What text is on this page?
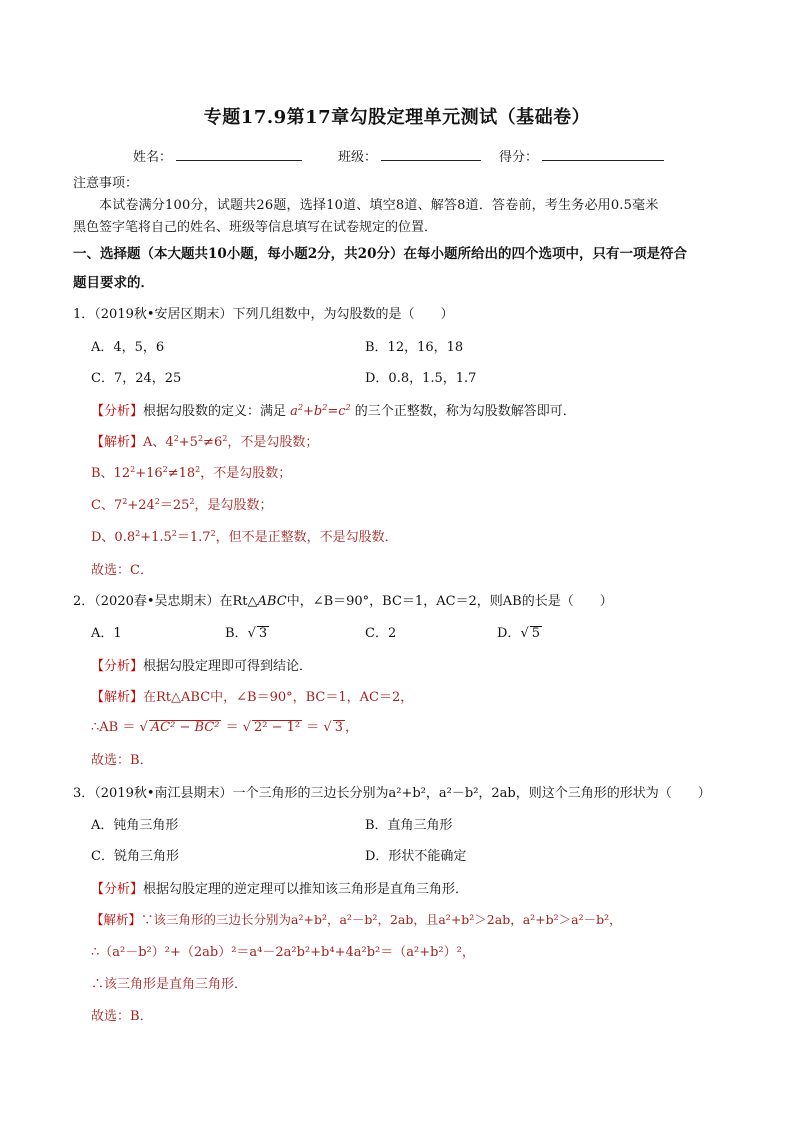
专题17.9第17章勾股定理单元测试（基础卷）
姓名：	班级：	得分：
注意事项：
本试卷满分100分，试题共26题，选择10道、填空8道、解答8道．答卷前，考生务必用0.5毫米
黑色签字笔将自己的姓名、班级等信息填写在试卷规定的位置．
一、选择题（本大题共10小题，每小题2分，共20分）在每小题所给出的四个选项中，只有一项是符合
题目要求的．
1．（2019秋•安居区期末）下列几组数中，为勾股数的是（　　）
A．4，5，6	B．12，16，18
C．7，24，25	D．0.8，1.5，1.7
【分析】根据勾股数的定义：满足 $a^2+b^2=c^2$ 的三个正整数，称为勾股数解答即可．
【解析】A、$4^2+5^2\ne 6^2$，不是勾股数；
B、$12^2+16^2\ne 18^2$，不是勾股数；
C、$7^2+24^2=25^2$，是勾股数；
D、$0.8^2+1.5^2=1.7^2$，但不是正整数，不是勾股数．
故选：C．
2．（2020春•吴忠期末）在Rt△ABC中，∠B＝90°，BC＝1，AC＝2，则AB的长是（　　）
A．1	B．√ 3	C．2	D．√ 5
【分析】根据勾股定理即可得到结论．
【解析】在Rt△ABC中，∠B＝90°，BC＝1，AC＝2，
∴AB ＝ √ AC² − BC² ＝ √ 2² − 1² ＝ √ 3 ，
故选：B．
3．（2019秋•南江县期末）一个三角形的三边长分别为a²+b²，a²－b²，2ab，则这个三角形的形状为（　　）
A．钝角三角形	B．直角三角形
C．锐角三角形	D．形状不能确定
【分析】根据勾股定理的逆定理可以推知该三角形是直角三角形．
【解析】∵该三角形的三边长分别为a²+b²，a²－b²，2ab，且a²+b²＞2ab，a²+b²＞a²－b²，
∴（a²－b²）²+（2ab）²＝a⁴－2a²b²+b⁴+4a²b²＝（a²+b²）²，
∴该三角形是直角三角形．
故选：B．
